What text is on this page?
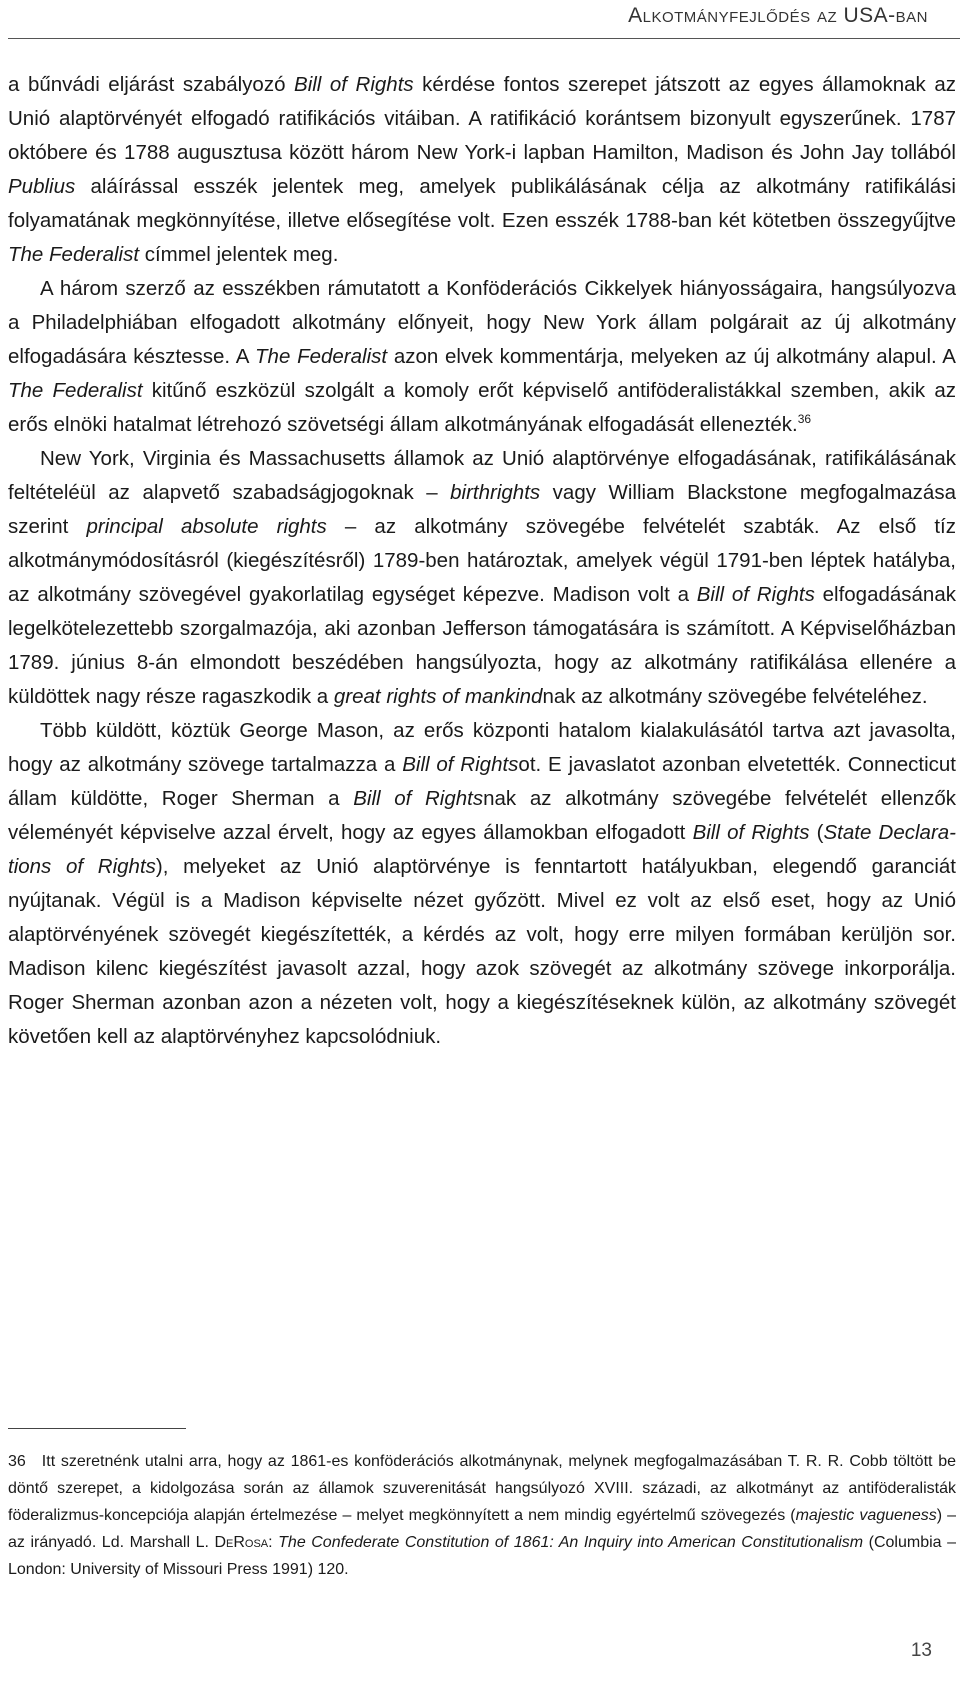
Alkotmányfejlődés az USA-ban

a bűnvádi eljárást szabályozó Bill of Rights kérdése fontos szerepet játszott az egyes államoknak az Unió alaptörvényét elfogadó ratifikációs vitáiban. A ratifikáció korántsem bizonyult egyszerűnek. 1787 októbere és 1788 augusztusa között három New York-i lapban Hamilton, Madison és John Jay tollából Publius aláírással esszék jelentek meg, amelyek publikálásának célja az alkotmány ratifikálási folyamatának megkönnyítése, illetve elősegítése volt. Ezen esszék 1788-ban két kötetben összegyűjtve The Federalist címmel jelentek meg.

A három szerző az esszékben rámutatott a Konföderációs Cikkelyek hiányosságaira, hangsúlyozva a Philadelphiában elfogadott alkotmány előnyeit, hogy New York állam polgárait az új alkotmány elfogadására késztesse. A The Federalist azon elvek kommentárja, melyeken az új alkotmány alapul. A The Federalist kitűnő eszközül szolgált a komoly erőt képviselő antiföderalistákkal szemben, akik az erős elnöki hatalmat létrehozó szövetségi állam alkotmányának elfogadását ellenezték.$^{36}$

New York, Virginia és Massachusetts államok az Unió alaptörvénye elfogadásának, ratifikálásának feltételéül az alapvető szabadságjogoknak – birthrights vagy William Blackstone megfogalmazása szerint principal absolute rights – az alkotmány szövegébe felvételét szabták. Az első tíz alkotmánymódosításról (kiegészítésről) 1789-ben határoztak, amelyek végül 1791-ben léptek hatályba, az alkotmány szövegével gyakorlatilag egységet képezve. Madison volt a Bill of Rights elfogadásának legelkötelezettebb szorgalmazója, aki azonban Jefferson támogatására is számított. A Képviselőházban 1789. június 8-án elmondott beszédében hangsúlyozta, hogy az alkotmány ratifikálása ellenére a küldöttek nagy része ragaszkodik a great rights of mankindnak az alkotmány szövegébe felvételéhez.

Több küldött, köztük George Mason, az erős központi hatalom kialakulásától tartva azt javasolta, hogy az alkotmány szövege tartalmazza a Bill of Rightsot. E javaslatot azonban elvetették. Connecticut állam küldötte, Roger Sherman a Bill of Rightsnak az alkotmány szövegébe felvételét ellenzők véleményét képviselve azzal érvelt, hogy az egyes államokban elfogadott Bill of Rights (State Declarations of Rights), melyeket az Unió alaptörvénye is fenntartott hatályukban, elegendő garanciát nyújtanak. Végül is a Madison képviselte nézet győzött. Mivel ez volt az első eset, hogy az Unió alaptörvényének szövegét kiegészítették, a kérdés az volt, hogy erre milyen formában kerüljön sor. Madison kilenc kiegészítést javasolt azzal, hogy azok szövegét az alkotmány szövege inkorporálja. Roger Sherman azonban azon a nézeten volt, hogy a kiegészítéseknek külön, az alkotmány szövegét követően kell az alaptörvényhez kapcsolódniuk.

36 Itt szeretnénk utalni arra, hogy az 1861-es konföderációs alkotmánynak, melynek megfogalmazásában T. R. R. Cobb töltött be döntő szerepet, a kidolgozása során az államok szuverenitását hangsúlyozó XVIII. századi, az alkotmányt az antiföderalisták föderalizmus-koncepciója alapján értelmezése – melyet megkönnyített a nem mindig egyértelmű szövegezés (majestic vagueness) – az irányadó. Ld. Marshall L. DeRosa: The Confederate Constitution of 1861: An Inquiry into American Constitutionalism (Columbia – London: University of Missouri Press 1991) 120.
13
